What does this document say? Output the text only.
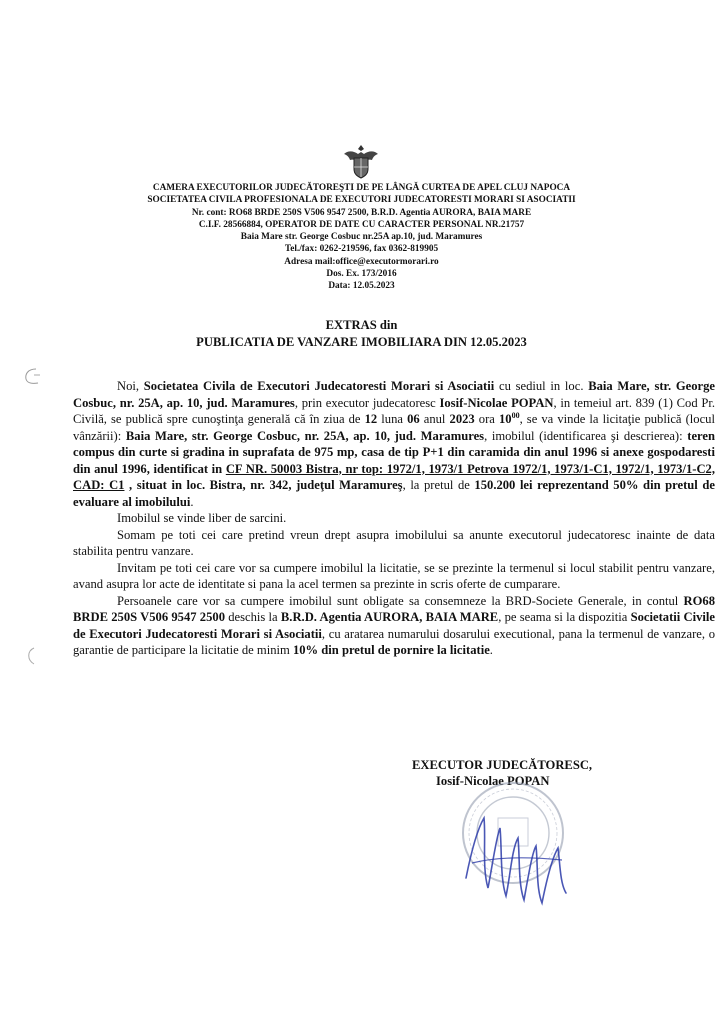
CAMERA EXECUTORILOR JUDECĂTOREŞTI DE PE LÂNGĂ CURTEA DE APEL CLUJ NAPOCA
SOCIETATEA CIVILA PROFESIONALA DE EXECUTORI JUDECATORESTI MORARI SI ASOCIATII
Nr. cont: RO68 BRDE 250S V506 9547 2500, B.R.D. Agentia AURORA, BAIA MARE
C.I.F. 28566884, OPERATOR DE DATE CU CARACTER PERSONAL NR.21757
Baia Mare str. George Cosbuc nr.25A ap.10, jud. Maramures
Tel./fax: 0262-219596, fax 0362-819905
Adresa mail:office@executormorari.ro
Dos. Ex. 173/2016
Data: 12.05.2023
EXTRAS din
PUBLICATIA DE VANZARE IMOBILIARA DIN 12.05.2023

Noi, Societatea Civila de Executori Judecatoresti Morari si Asociatii cu sediul in loc. Baia Mare, str. George Cosbuc, nr. 25A, ap. 10, jud. Maramures, prin executor judecatoresc Iosif-Nicolae POPAN, in temeiul art. 839 (1) Cod Pr. Civilă, se publică spre cunoştinţa generală că în ziua de 12 luna 06 anul 2023 ora $10^{00}$, se va vinde la licitaţie publică (locul vânzării): Baia Mare, str. George Cosbuc, nr. 25A, ap. 10, jud. Maramures, imobilul (identificarea şi descrierea): teren compus din curte si gradina in suprafata de 975 mp, casa de tip P+1 din caramida din anul 1996 si anexe gospodaresti din anul 1996, identificat in CF NR. 50003 Bistra, nr top: 1972/1, 1973/1 Petrova 1972/1, 1973/1-C1, 1972/1, 1973/1-C2, CAD: C1 , situat in loc. Bistra, nr. 342, judeţul Maramureş, la pretul de 150.200 lei reprezentand 50% din pretul de evaluare al imobilului.

Imobilul se vinde liber de sarcini.

Somam pe toti cei care pretind vreun drept asupra imobilului sa anunte executorul judecatoresc inainte de data stabilita pentru vanzare.

Invitam pe toti cei care vor sa cumpere imobilul la licitatie, se se prezinte la termenul si locul stabilit pentru vanzare, avand asupra lor acte de identitate si pana la acel termen sa prezinte in scris oferte de cumparare.

Persoanele care vor sa cumpere imobilul sunt obligate sa consemneze la BRD-Societe Generale, in contul RO68 BRDE 250S V506 9547 2500 deschis la B.R.D. Agentia AURORA, BAIA MARE, pe seama si la dispozitia Societatii Civile de Executori Judecatoresti Morari si Asociatii, cu aratarea numarului dosarului executional, pana la termenul de vanzare, o garantie de participare la licitatie de minim 10% din pretul de pornire la licitatie.

EXECUTOR JUDECĂTORESC,
Iosif-Nicolae POPAN
